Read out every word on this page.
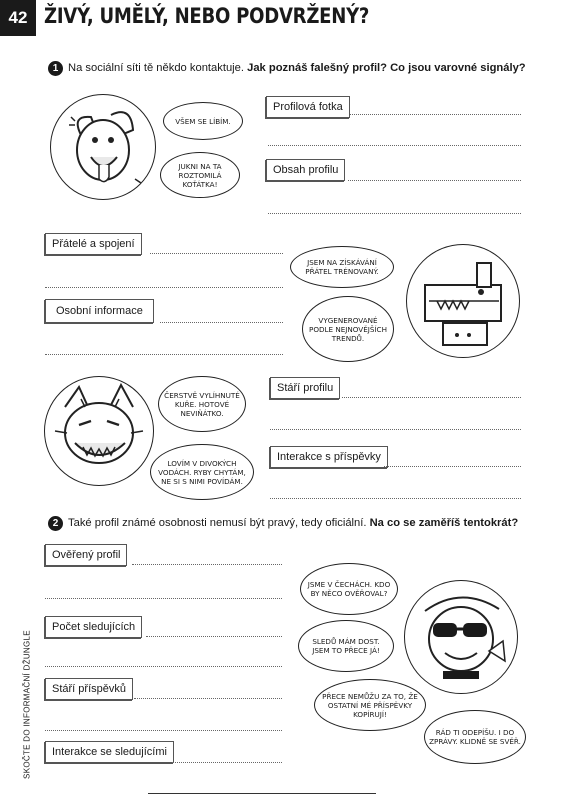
42 ŽIVÝ, UMĚLÝ, NEBO PODVRŽENÝ?
1 Na sociální síti tě někdo kontaktuje. Jak poznáš falešný profil? Co jsou varovné signály?
VŠEM SE LÍBÍM.
JUKNI NA TA ROZTOMILÁ KOŤÁTKA!
Profilová fotka
Obsah profilu
Přátelé a spojení
Osobní informace
JSEM NA ZÍSKÁVÁNÍ PŘÁTEL TRÉNOVANÝ.
VYGENEROVANÉ PODLE NEJNOVĚJŠÍCH TRENDŮ.
ČERSTVĚ VYLÍHNUTÉ KUŘE. HOTOVÉ NEVIŇÁTKO.
LOVÍM V DIVOKÝCH VODÁCH. RYBY CHYTÁM, NE SI S NIMI POVÍDÁM.
Stáří profilu
Interakce s příspěvky
2 Také profil známé osobnosti nemusí být pravý, tedy oficiální. Na co se zaměříš tentokrát?
Ověřený profil
Počet sledujících
Stáří příspěvků
Interakce se sledujícími
JSME V ČECHÁCH. KDO BY NĚCO OVĚŘOVAL?
SLEDŮ MÁM DOST. JSEM TO PŘECE JÁ!
PŘECE NEMŮŽU ZA TO, ŽE OSTATNÍ MÉ PŘÍSPĚVKY KOPÍRUJÍ!
RÁD TI ODEPÍŠU. I DO ZPRÁVY. KLIDNĚ SE SVĚŘ.
SKOČTE DO INFORMAČNÍ DŽUNGLE
